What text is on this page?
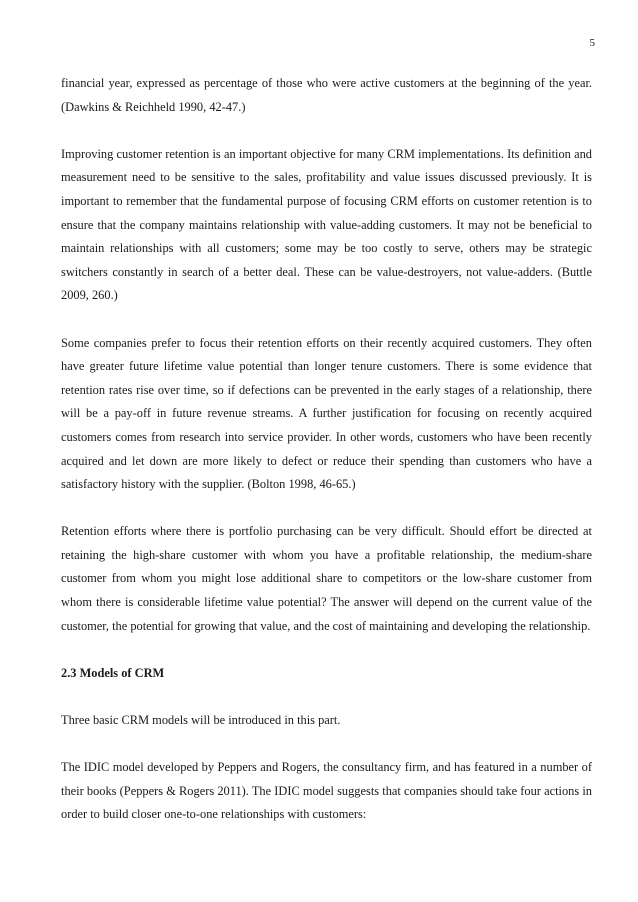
5

financial year, expressed as percentage of those who were active customers at the beginning of the year. (Dawkins & Reichheld 1990, 42-47.)

Improving customer retention is an important objective for many CRM implementations. Its definition and measurement need to be sensitive to the sales, profitability and value issues discussed previously. It is important to remember that the fundamental purpose of focusing CRM efforts on customer retention is to ensure that the company maintains relationship with value-adding customers. It may not be beneficial to maintain relationships with all customers; some may be too costly to serve, others may be strategic switchers constantly in search of a better deal. These can be value-destroyers, not value-adders. (Buttle 2009, 260.)

Some companies prefer to focus their retention efforts on their recently acquired customers. They often have greater future lifetime value potential than longer tenure customers. There is some evidence that retention rates rise over time, so if defections can be prevented in the early stages of a relationship, there will be a pay-off in future revenue streams. A further justification for focusing on recently acquired customers comes from research into service provider. In other words, customers who have been recently acquired and let down are more likely to defect or reduce their spending than customers who have a satisfactory history with the supplier. (Bolton 1998, 46-65.)

Retention efforts where there is portfolio purchasing can be very difficult. Should effort be directed at retaining the high-share customer with whom you have a profitable relationship, the medium-share customer from whom you might lose additional share to competitors or the low-share customer from whom there is considerable lifetime value potential? The answer will depend on the current value of the customer, the potential for growing that value, and the cost of maintaining and developing the relationship.

2.3 Models of CRM

Three basic CRM models will be introduced in this part.

The IDIC model developed by Peppers and Rogers, the consultancy firm, and has featured in a number of their books (Peppers & Rogers 2011). The IDIC model suggests that companies should take four actions in order to build closer one-to-one relationships with customers:
